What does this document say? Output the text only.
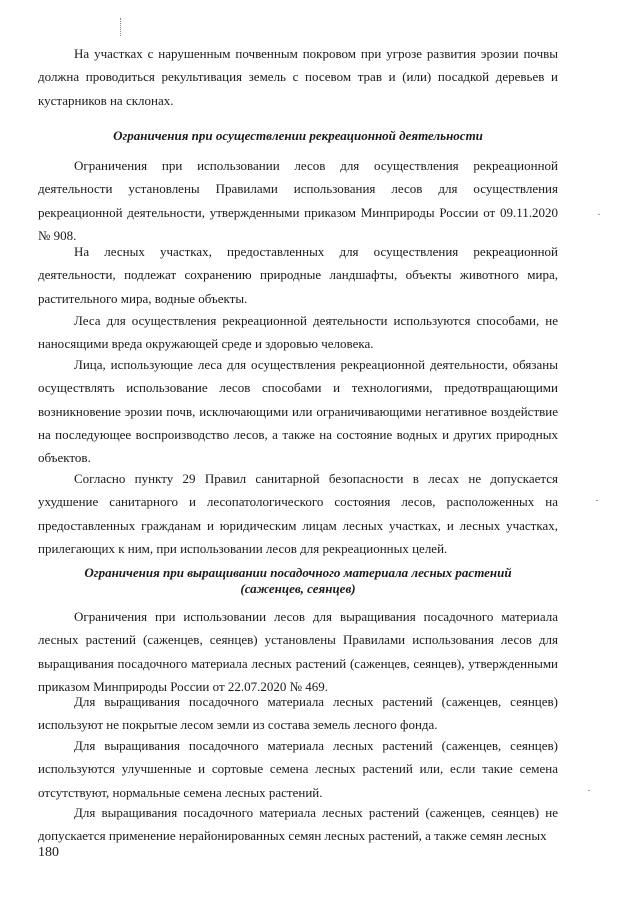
На участках с нарушенным почвенным покровом при угрозе развития эрозии почвы должна проводиться рекультивация земель с посевом трав и (или) посадкой деревьев и кустарников на склонах.

Ограничения при осуществлении рекреационной деятельности

Ограничения при использовании лесов для осуществления рекреационной деятельности установлены Правилами использования лесов для осуществления рекреационной деятельности, утвержденными приказом Минприроды России от 09.11.2020 № 908.

На лесных участках, предоставленных для осуществления рекреационной деятельности, подлежат сохранению природные ландшафты, объекты животного мира, растительного мира, водные объекты.

Леса для осуществления рекреационной деятельности используются способами, не наносящими вреда окружающей среде и здоровью человека.

Лица, использующие леса для осуществления рекреационной деятельности, обязаны осуществлять использование лесов способами и технологиями, предотвращающими возникновение эрозии почв, исключающими или ограничивающими негативное воздействие на последующее воспроизводство лесов, а также на состояние водных и других природных объектов.

Согласно пункту 29 Правил санитарной безопасности в лесах не допускается ухудшение санитарного и лесопатологического состояния лесов, расположенных на предоставленных гражданам и юридическим лицам лесных участках, и лесных участках, прилегающих к ним, при использовании лесов для рекреационных целей.

Ограничения при выращивании посадочного материала лесных растений
(саженцев, сеянцев)

Ограничения при использовании лесов для выращивания посадочного материала лесных растений (саженцев, сеянцев) установлены Правилами использования лесов для выращивания посадочного материала лесных растений (саженцев, сеянцев), утвержденными приказом Минприроды России от 22.07.2020 № 469.

Для выращивания посадочного материала лесных растений (саженцев, сеянцев) используют не покрытые лесом земли из состава земель лесного фонда.

Для выращивания посадочного материала лесных растений (саженцев, сеянцев) используются улучшенные и сортовые семена лесных растений или, если такие семена отсутствуют, нормальные семена лесных растений.

Для выращивания посадочного материала лесных растений (саженцев, сеянцев) не допускается применение нерайонированных семян лесных растений, а также семян лесных

180
